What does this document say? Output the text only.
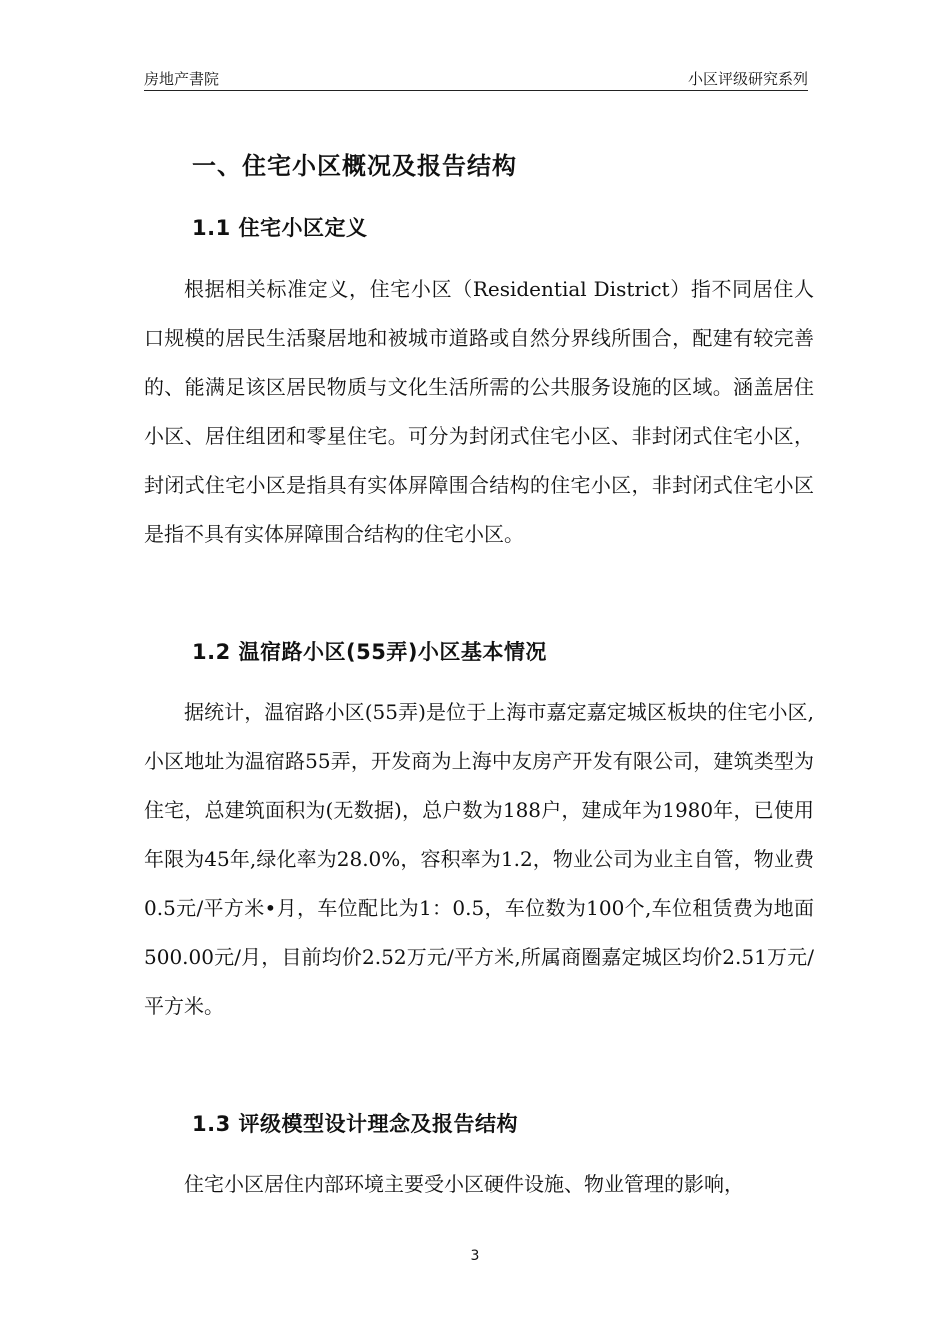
房地产書院	小区评级研究系列
一、住宅小区概况及报告结构
1.1 住宅小区定义

根据相关标准定义，住宅小区（Residential District）指不同居住人口规模的居民生活聚居地和被城市道路或自然分界线所围合，配建有较完善的、能满足该区居民物质与文化生活所需的公共服务设施的区域。涵盖居住小区、居住组团和零星住宅。可分为封闭式住宅小区、非封闭式住宅小区，封闭式住宅小区是指具有实体屏障围合结构的住宅小区，非封闭式住宅小区是指不具有实体屏障围合结构的住宅小区。

1.2 温宿路小区(55弄)小区基本情况

据统计，温宿路小区(55弄)是位于上海市嘉定嘉定城区板块的住宅小区,小区地址为温宿路55弄，开发商为上海中友房产开发有限公司，建筑类型为住宅，总建筑面积为(无数据)，总户数为188户，建成年为1980年，已使用年限为45年,绿化率为28.0%，容积率为1.2，物业公司为业主自管，物业费0.5元/平方米•月，车位配比为1：0.5，车位数为100个,车位租赁费为地面500.00元/月，目前均价2.52万元/平方米,所属商圈嘉定城区均价2.51万元/平方米。

1.3 评级模型设计理念及报告结构

住宅小区居住内部环境主要受小区硬件设施、物业管理的影响，

3
